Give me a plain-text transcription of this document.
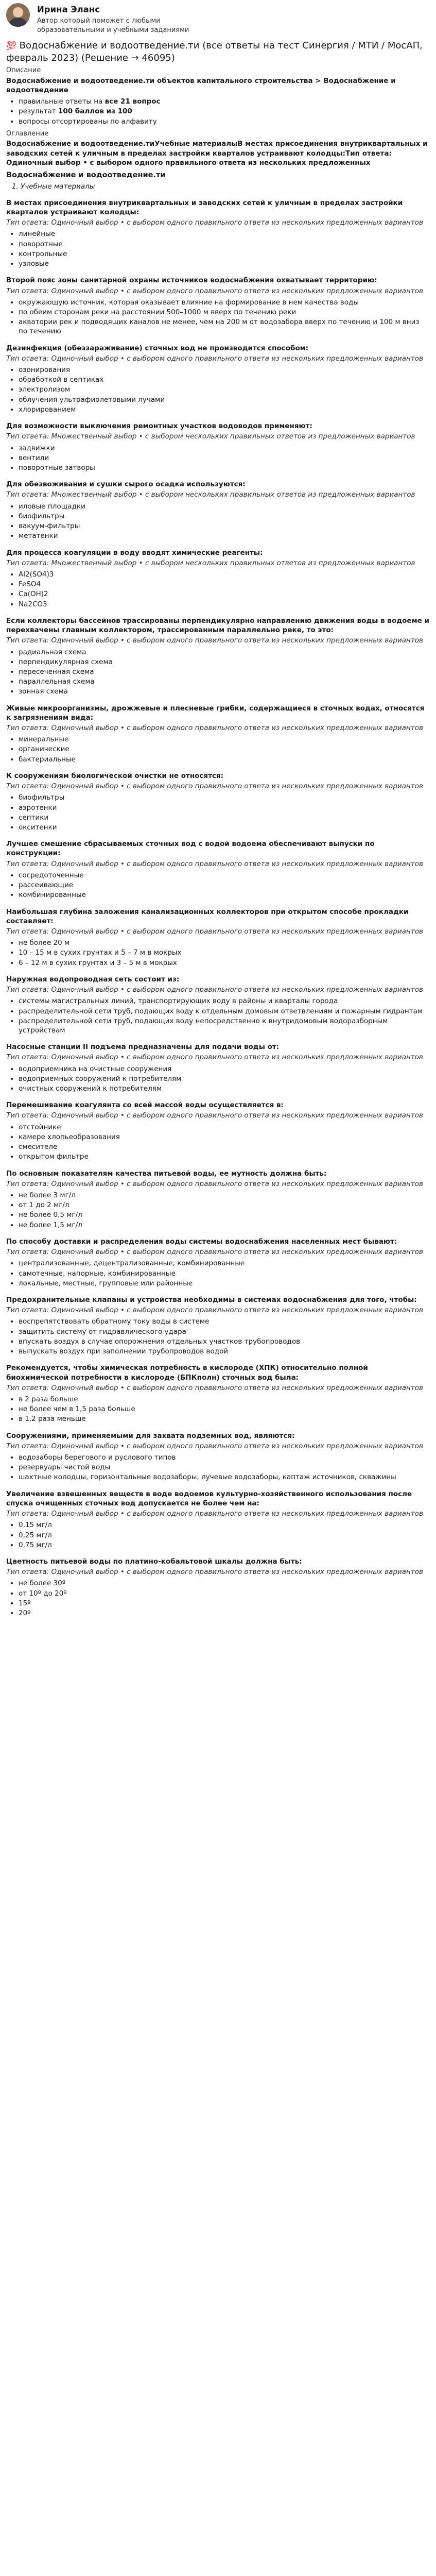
Ирина Эланс
Автор который поможет с любыми образовательными и учебными заданиями
💯 Водоснабжение и водоотведение.ти (все ответы на тест Синергия / МТИ / МосАП, февраль 2023) (Решение → 46095)
Описание
Водоснабжение и водоотведение.ти объектов капитального строительства > Водоснабжение и водоотведение
• правильные ответы на все 21 вопрос
• результат 100 баллов из 100
• вопросы отсортированы по алфавиту
Оглавление
Водоснабжение и водоотведение.тиУчебные материалыВ местах присоединения внутриквартальных и заводских сетей к уличным в пределах застройки кварталов устраивают колодцы:Тип ответа: Одиночный выбор • с выбором одного правильного ответа из нескольких предложенных
Водоснабжение и водоотведение.ти
1. Учебные материалы
В местах присоединения внутриквартальных и заводских сетей к уличным в пределах застройки кварталов устраивают колодцы:
Тип ответа: Одиночный выбор • с выбором одного правильного ответа из нескольких предложенных вариантов
• линейные
• поворотные
• контрольные
• узловые
Второй пояс зоны санитарной охраны источников водоснабжения охватывает территорию:
Тип ответа: Одиночный выбор • с выбором одного правильного ответа из нескольких предложенных вариантов
• окружающую источник, которая оказывает влияние на формирование в нем качества воды
• по обеим сторонам реки на расстоянии 500–1000 м вверх по течению реки
• акватории рек и подводящих каналов не менее, чем на 200 м от водозабора вверх по течению и 100 м вниз по течению
Дезинфекция (обеззараживание) сточных вод не производится способом:
Тип ответа: Одиночный выбор • с выбором одного правильного ответа из нескольких предложенных вариантов
• озонирования
• обработкой в септиках
• электролизом
• облучения ультрафиолетовыми лучами
• хлорированием
Для возможности выключения ремонтных участков водоводов применяют:
Тип ответа: Множественный выбор • с выбором нескольких правильных ответов из предложенных вариантов
• задвижки
• вентили
• поворотные затворы
Для обезвоживания и сушки сырого осадка используются:
Тип ответа: Множественный выбор • с выбором нескольких правильных ответов из предложенных вариантов
• иловые площадки
• биофильтры
• вакуум-фильтры
• метатенки
Для процесса коагуляции в воду вводят химические реагенты:
Тип ответа: Множественный выбор • с выбором нескольких правильных ответов из предложенных вариантов
• Al2(SO4)3
• FeSO4
• Ca(OH)2
• Na2CO3
Если коллекторы бассейнов трассированы перпендикулярно направлению движения воды в водоеме и перехвачены главным коллектором, трассированным параллельно реке, то это:
Тип ответа: Одиночный выбор • с выбором одного правильного ответа из нескольких предложенных вариантов
• радиальная схема
• перпендикулярная схема
• пересеченная схема
• параллельная схема
• зонная схема
Живые микроорганизмы, дрожжевые и плесневые грибки, содержащиеся в сточных водах, относятся к загрязнениям вида:
Тип ответа: Одиночный выбор • с выбором одного правильного ответа из нескольких предложенных вариантов
• минеральные
• органические
• бактериальные
К сооружениям биологической очистки не относятся:
Тип ответа: Одиночный выбор • с выбором одного правильного ответа из нескольких предложенных вариантов
• биофильтры
• аэротенки
• септики
• окситенки
Лучшее смешение сбрасываемых сточных вод с водой водоема обеспечивают выпуски по конструкции:
Тип ответа: Одиночный выбор • с выбором одного правильного ответа из нескольких предложенных вариантов
• сосредоточенные
• рассеивающие
• комбинированные
Наибольшая глубина заложения канализационных коллекторов при открытом способе прокладки составляет:
Тип ответа: Одиночный выбор • с выбором одного правильного ответа из нескольких предложенных вариантов
• не более 20 м
• 10 – 15 м в сухих грунтах и 5 – 7 м в мокрых
• 6 – 12 м в сухих грунтах и 3 – 5 м в мокрых
Наружная водопроводная сеть состоит из:
Тип ответа: Одиночный выбор • с выбором одного правильного ответа из нескольких предложенных вариантов
• системы магистральных линий, транспортирующих воду в районы и кварталы города
• распределительной сети труб, подающих воду к отдельным домовым ответвлениям и пожарным гидрантам
• распределительной сети труб, подающих воду непосредственно к внутридомовым водоразборным устройствам
Насосные станции II подъема предназначены для подачи воды от:
Тип ответа: Одиночный выбор • с выбором одного правильного ответа из нескольких предложенных вариантов
• водоприемника на очистные сооружения
• водоприемных сооружений к потребителям
• очистных сооружений к потребителям
Перемешивание коагулянта со всей массой воды осуществляется в:
Тип ответа: Одиночный выбор • с выбором одного правильного ответа из нескольких предложенных вариантов
• отстойнике
• камере хлопьеобразования
• смесителе
• открытом фильтре
По основным показателям качества питьевой воды, ее мутность должна быть:
Тип ответа: Одиночный выбор • с выбором одного правильного ответа из нескольких предложенных вариантов
• не более 3 мг/л
• от 1 до 2 мг/л
• не более 0,5 мг/л
• не более 1,5 мг/л
По способу доставки и распределения воды системы водоснабжения населенных мест бывают:
Тип ответа: Одиночный выбор • с выбором одного правильного ответа из нескольких предложенных вариантов
• централизованные, децентрализованные, комбинированные
• самотечные, напорные, комбинированные
• локальные, местные, групповые или районные
Предохранительные клапаны и устройства необходимы в системах водоснабжения для того, чтобы:
Тип ответа: Одиночный выбор • с выбором одного правильного ответа из нескольких предложенных вариантов
• воспрепятствовать обратному току воды в системе
• защитить систему от гидравлического удара
• впускать воздух в случае опорожнения отдельных участков трубопроводов
• выпускать воздух при заполнении трубопроводов водой
Рекомендуется, чтобы химическая потребность в кислороде (ХПК) относительно полной биохимической потребности в кислороде (БПКполн) сточных вод была:
Тип ответа: Одиночный выбор • с выбором одного правильного ответа из нескольких предложенных вариантов
• в 2 раза больше
• не более чем в 1,5 раза больше
• в 1,2 раза меньше
Сооружениями, применяемыми для захвата подземных вод, являются:
Тип ответа: Одиночный выбор • с выбором одного правильного ответа из нескольких предложенных вариантов
• водозаборы берегового и руслового типов
• резервуары чистой воды
• шахтные колодцы, горизонтальные водозаборы, лучевые водозаборы, каптаж источников, скважины
Увеличение взвешенных веществ в воде водоемов культурно-хозяйственного использования после спуска очищенных сточных вод допускается не более чем на:
Тип ответа: Одиночный выбор • с выбором одного правильного ответа из нескольких предложенных вариантов
• 0,15 мг/л
• 0,25 мг/л
• 0,75 мг/л
Цветность питьевой воды по платино-кобальтовой шкалы должна быть:
Тип ответа: Одиночный выбор • с выбором одного правильного ответа из нескольких предложенных вариантов
• не более 30º
• от 10º до 20º
• 15º
• 20º
